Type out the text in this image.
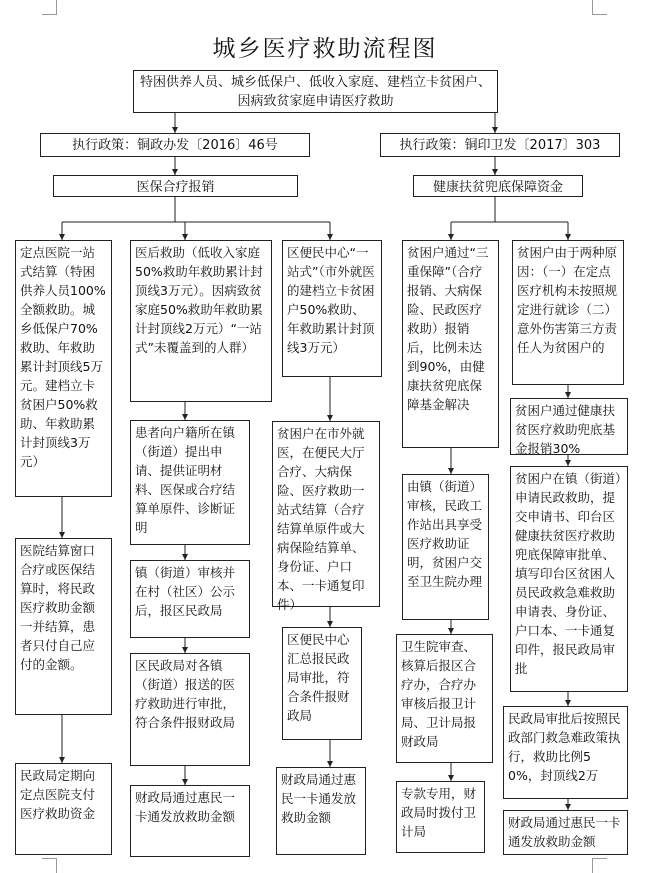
城乡医疗救助流程图
特困供养人员、城乡低保户、低收入家庭、建档立卡贫困户、因病致贫家庭申请医疗救助
执行政策：铜政办发〔2016〕46号	执行政策：铜印卫发〔2017〕303
医保合疗报销	健康扶贫兜底保障资金
定点医院一站式结算（特困供养人员100%全额救助。城乡低保户70%救助、年救助累计封顶线5万元。建档立卡贫困户50%救助、年救助累计封顶线3万元）
医院结算窗口合疗或医保结算时，将民政医疗救助金额一并结算，患者只付自己应付的金额。
民政局定期向定点医院支付医疗救助资金
医后救助（低收入家庭50%救助年救助累计封顶线3万元）。因病致贫家庭50%救助年救助累计封顶线2万元）“一站式”未覆盖到的人群）
患者向户籍所在镇（街道）提出申请、提供证明材料、医保或合疗结算单原件、诊断证明
镇（街道）审核并在村（社区）公示后，报区民政局
区民政局对各镇（街道）报送的医疗救助进行审批，符合条件报财政局
财政局通过惠民一卡通发放救助金额
区便民中心“一站式”（市外就医的建档立卡贫困户50%救助、年救助累计封顶线3万元）
贫困户在市外就医，在便民大厅合疗、大病保险、医疗救助一站式结算（合疗结算单原件或大病保险结算单、身份证、户口本、一卡通复印件）
区便民中心汇总报民政局审批，符合条件报财政局
财政局通过惠民一卡通发放救助金额
贫困户通过“三重保障”（合疗报销、大病保险、民政医疗救助）报销后，比例未达到90%，由健康扶贫兜底保障基金解决
由镇（街道）审核，民政工作站出具享受医疗救助证明，贫困户交至卫生院办理
卫生院审查、核算后报区合疗办，合疗办审核后报卫计局、卫计局报财政局
专款专用，财政局时拨付卫计局
贫困户由于两种原因：（一）在定点医疗机构未按照规定进行就诊（二）意外伤害第三方责任人为贫困户的
贫困户通过健康扶贫医疗救助兜底基金报销30%
贫困户在镇（街道）申请民政救助，提交申请书、印台区健康扶贫医疗救助兜底保障审批单、填写印台区贫困人员民政救急难救助申请表、身份证、户口本、一卡通复印件，报民政局审批
民政局审批后按照民政部门救急难政策执行，救助比例50%，封顶线2万
财政局通过惠民一卡通发放救助金额
